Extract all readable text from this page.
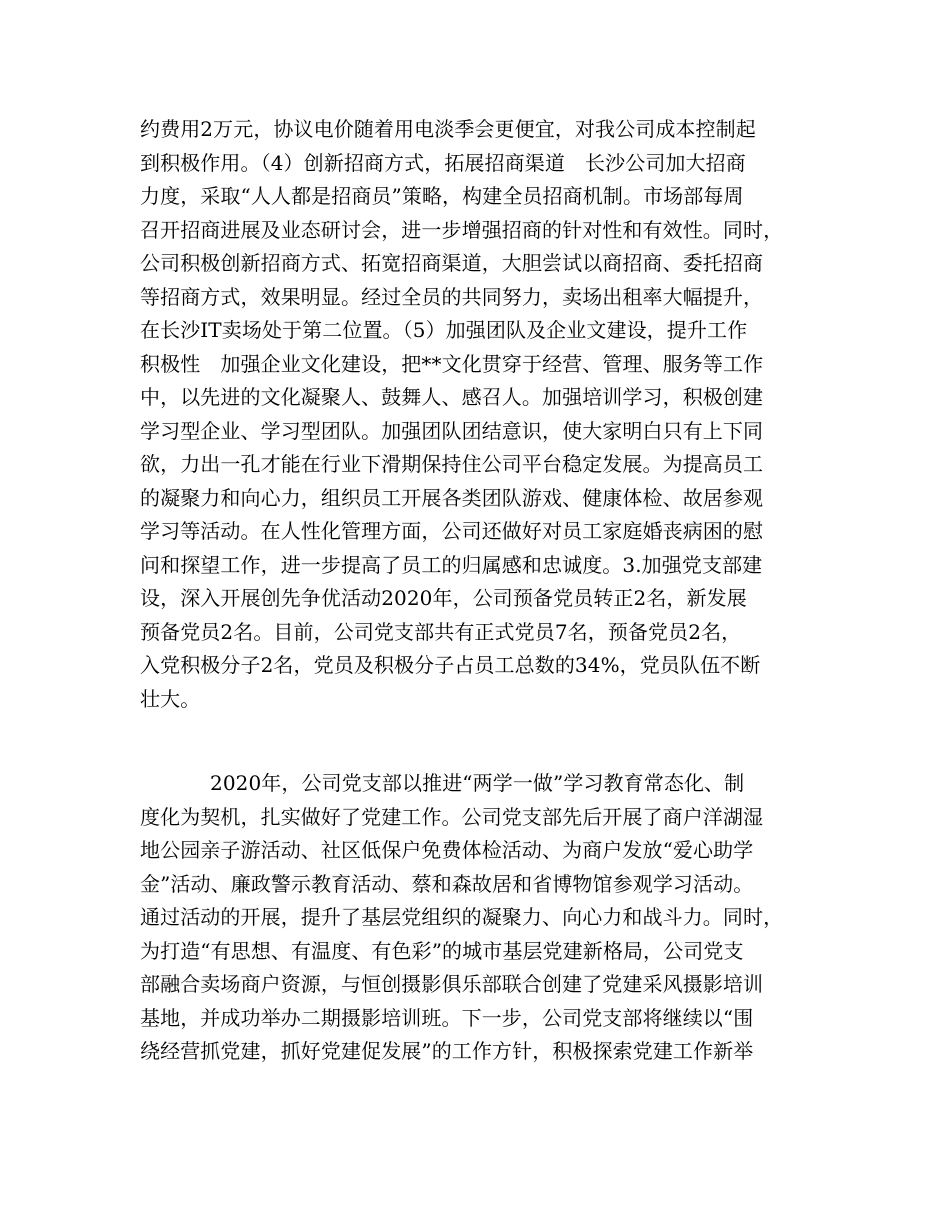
约费用2万元，协议电价随着用电淡季会更便宜，对我公司成本控制起
到积极作用。（4）创新招商方式，拓展招商渠道　长沙公司加大招商
力度，采取“人人都是招商员”策略，构建全员招商机制。市场部每周
召开招商进展及业态研讨会，进一步增强招商的针对性和有效性。同时，
公司积极创新招商方式、拓宽招商渠道，大胆尝试以商招商、委托招商
等招商方式，效果明显。经过全员的共同努力，卖场出租率大幅提升，
在长沙IT卖场处于第二位置。（5）加强团队及企业文建设，提升工作
积极性　加强企业文化建设，把**文化贯穿于经营、管理、服务等工作
中，以先进的文化凝聚人、鼓舞人、感召人。加强培训学习，积极创建
学习型企业、学习型团队。加强团队团结意识，使大家明白只有上下同
欲，力出一孔才能在行业下滑期保持住公司平台稳定发展。为提高员工
的凝聚力和向心力，组织员工开展各类团队游戏、健康体检、故居参观
学习等活动。在人性化管理方面，公司还做好对员工家庭婚丧病困的慰
问和探望工作，进一步提高了员工的归属感和忠诚度。3.加强党支部建
设，深入开展创先争优活动2020年，公司预备党员转正2名，新发展
预备党员2名。目前，公司党支部共有正式党员7名，预备党员2名，
入党积极分子2名，党员及积极分子占员工总数的34%，党员队伍不断
壮大。
2020年，公司党支部以推进“两学一做”学习教育常态化、制
度化为契机，扎实做好了党建工作。公司党支部先后开展了商户洋湖湿
地公园亲子游活动、社区低保户免费体检活动、为商户发放“爱心助学
金”活动、廉政警示教育活动、蔡和森故居和省博物馆参观学习活动。
通过活动的开展，提升了基层党组织的凝聚力、向心力和战斗力。同时，
为打造“有思想、有温度、有色彩”的城市基层党建新格局，公司党支
部融合卖场商户资源，与恒创摄影俱乐部联合创建了党建采风摄影培训
基地，并成功举办二期摄影培训班。下一步，公司党支部将继续以“围
绕经营抓党建，抓好党建促发展”的工作方针，积极探索党建工作新举
